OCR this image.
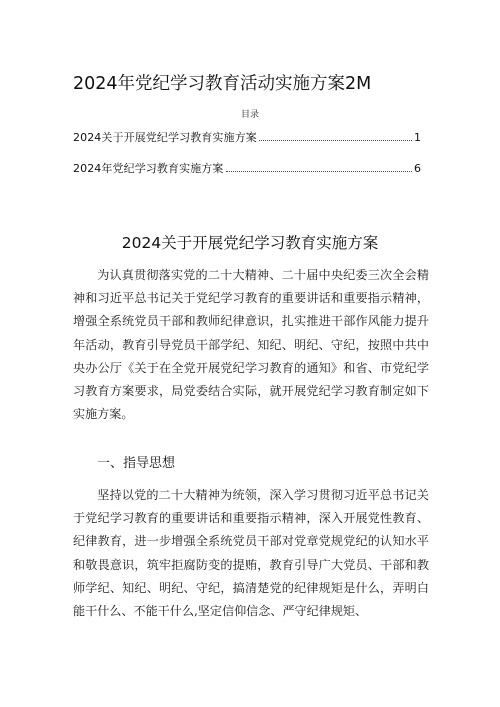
2024年党纪学习教育活动实施方案2M
目录
2024关于开展党纪学习教育实施方案	1
2024年党纪学习教育实施方案	6
2024关于开展党纪学习教育实施方案

为认真贯彻落实党的二十大精神、二十届中央纪委三次全会精神和习近平总书记关于党纪学习教育的重要讲话和重要指示精神，增强全系统党员干部和教师纪律意识，扎实推进干部作风能力提升年活动，教育引导党员干部学纪、知纪、明纪、守纪，按照中共中央办公厅《关于在全党开展党纪学习教育的通知》和省、市党纪学习教育方案要求，局党委结合实际，就开展党纪学习教育制定如下实施方案。

一、指导思想

坚持以党的二十大精神为统领，深入学习贯彻习近平总书记关于党纪学习教育的重要讲话和重要指示精神，深入开展党性教育、纪律教育，进一步增强全系统党员干部对党章党规党纪的认知水平和敬畏意识，筑牢拒腐防变的提贿，教育引导广大党员、干部和教师学纪、知纪、明纪、守纪，搞清楚党的纪律规矩是什么，弄明白能干什么、不能干什么,坚定信仰信念、严守纪律规矩、
